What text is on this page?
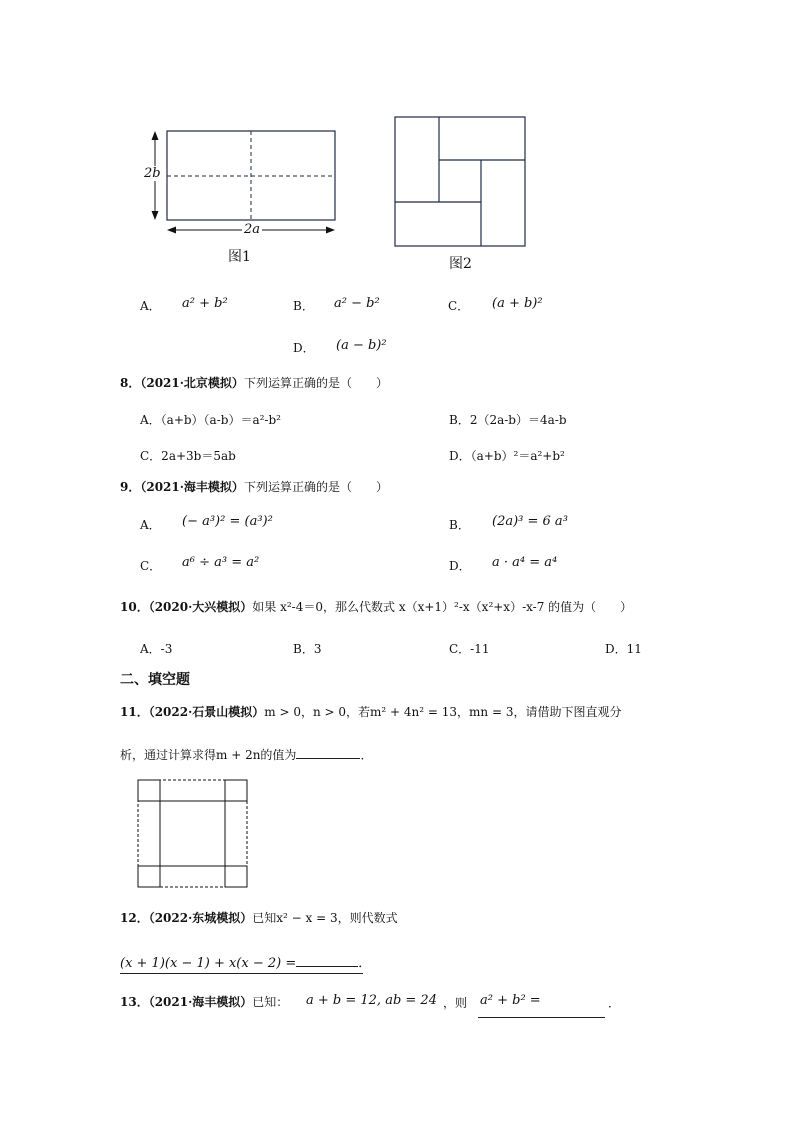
2b
2a
图1	图2
A． a² + b²	B． a² − b²	C． (a + b)²
D． (a − b)²
8．（2021·北京模拟）下列运算正确的是（　　）
A．（a+b）（a-b）＝a²-b²	B．2（2a-b）＝4a-b
C．2a+3b＝5ab	D．（a+b）²＝a²+b²
9．（2021·海丰模拟）下列运算正确的是（　　）
A． (− a³)² = (a³)²	B． (2a)³ = 6 a³
C． a⁶ ÷ a³ = a²	D． a · a⁴ = a⁴
10．（2020·大兴模拟）如果 x²-4＝0，那么代数式 x（x+1）²-x（x²+x）-x-7 的值为（　　）
A．-3	B．3	C．-11	D．11
二、填空题
11．（2022·石景山模拟）m > 0，n > 0，若m² + 4n² = 13，mn = 3，请借助下图直观分
析，通过计算求得m + 2n的值为	．
12．（2022·东城模拟）已知x² − x = 3，则代数式
(x + 1)(x − 1) + x(x − 2) =	．
13．（2021·海丰模拟）已知： a + b = 12, ab = 24 ，则 a² + b² =	．
